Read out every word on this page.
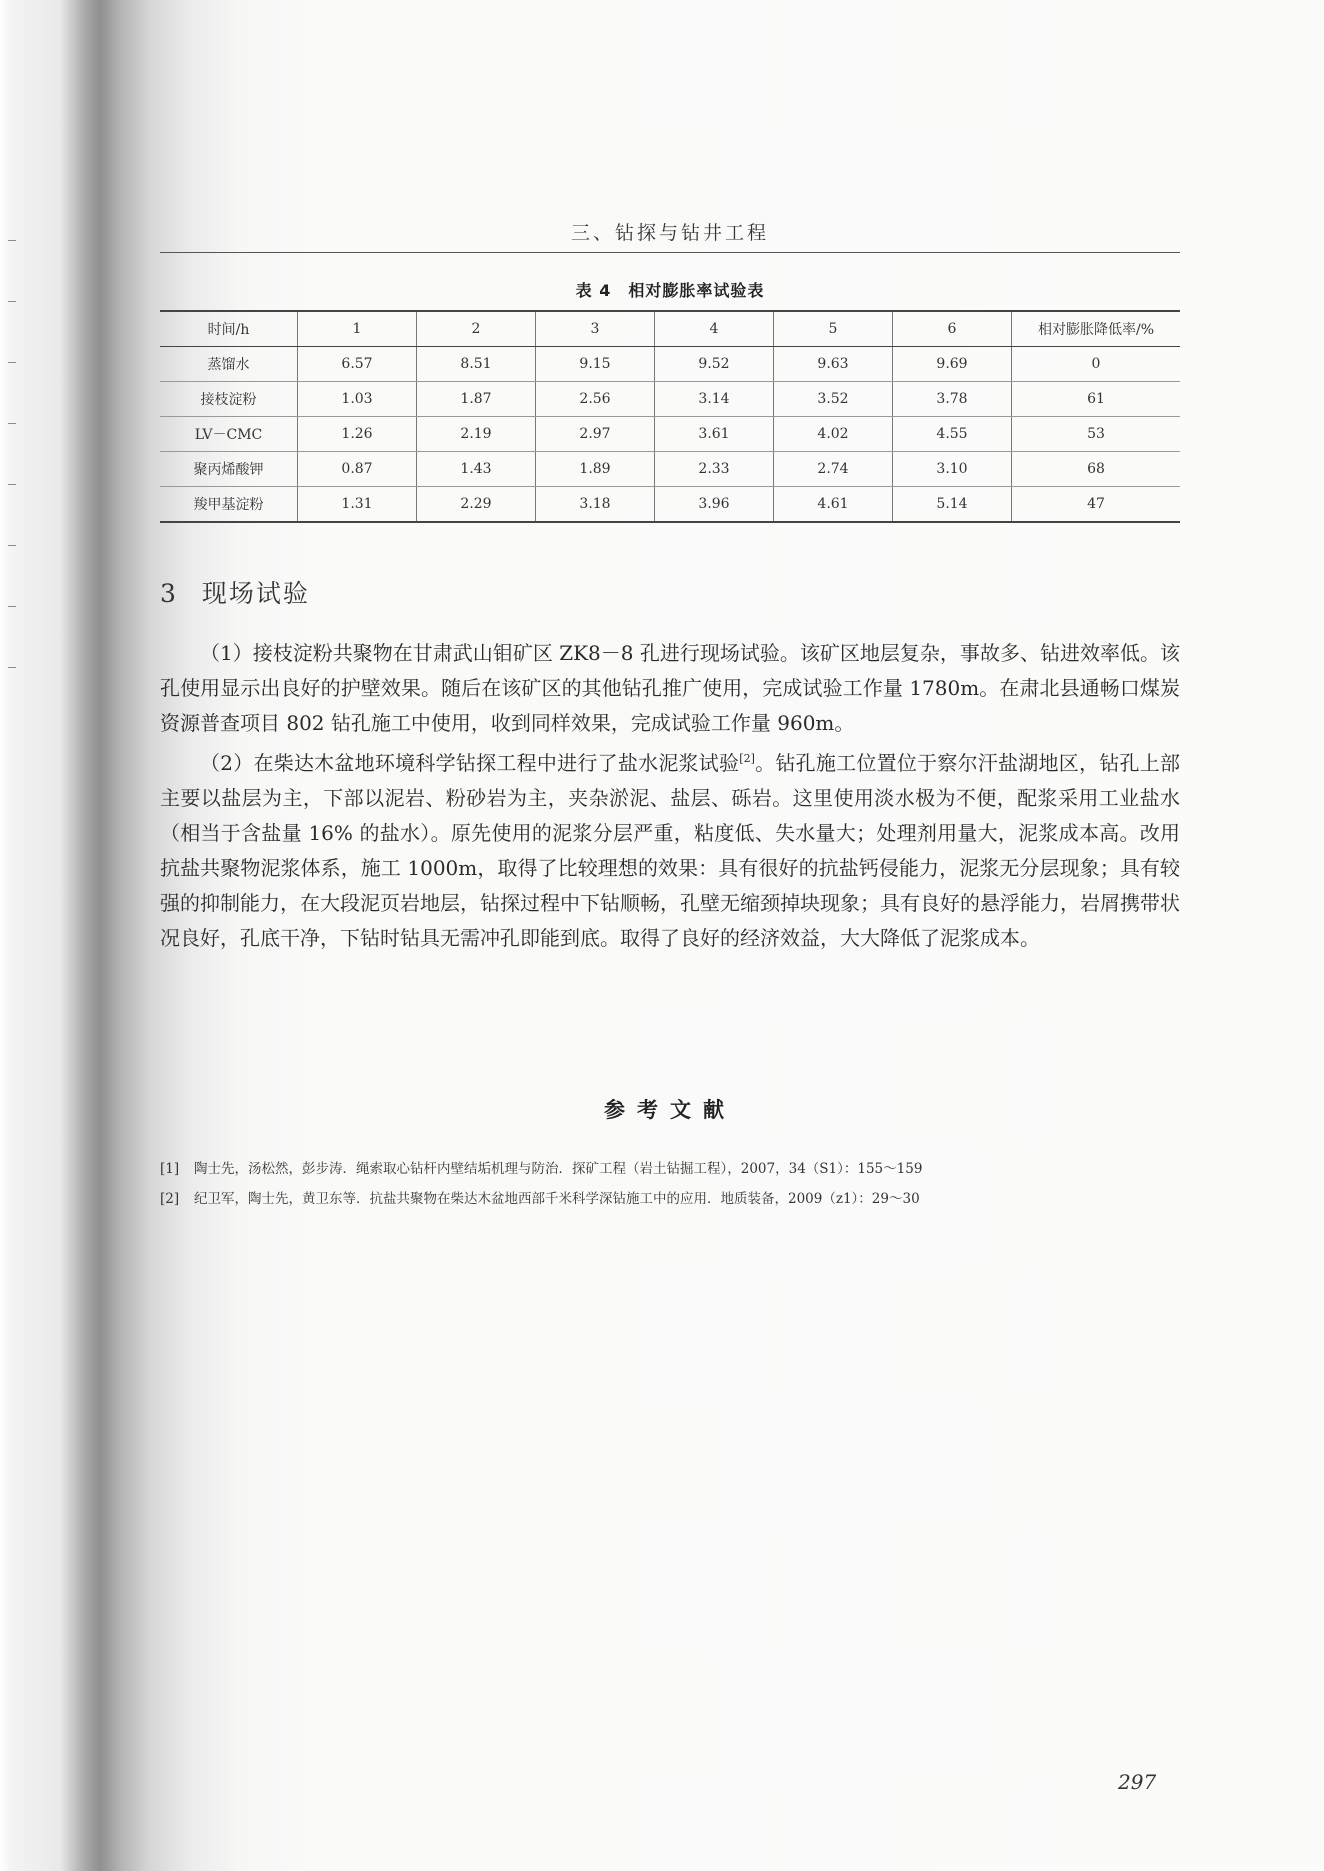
三、钻探与钻井工程
表 4　相对膨胀率试验表
时间/h	1	2	3	4	5	6	相对膨胀降低率/%
蒸馏水	6.57	8.51	9.15	9.52	9.63	9.69	0
接枝淀粉	1.03	1.87	2.56	3.14	3.52	3.78	61
LV－CMC	1.26	2.19	2.97	3.61	4.02	4.55	53
聚丙烯酸钾	0.87	1.43	1.89	2.33	2.74	3.10	68
羧甲基淀粉	1.31	2.29	3.18	3.96	4.61	5.14	47
3 现场试验

（1）接枝淀粉共聚物在甘肃武山钼矿区 ZK8－8 孔进行现场试验。该矿区地层复杂，事故多、钻进效率低。该孔使用显示出良好的护壁效果。随后在该矿区的其他钻孔推广使用，完成试验工作量 1780m。在肃北县通畅口煤炭资源普查项目 802 钻孔施工中使用，收到同样效果，完成试验工作量 960m。

（2）在柴达木盆地环境科学钻探工程中进行了盐水泥浆试验[2]。钻孔施工位置位于察尔汗盐湖地区，钻孔上部主要以盐层为主，下部以泥岩、粉砂岩为主，夹杂淤泥、盐层、砾岩。这里使用淡水极为不便，配浆采用工业盐水（相当于含盐量 16% 的盐水）。原先使用的泥浆分层严重，粘度低、失水量大；处理剂用量大，泥浆成本高。改用抗盐共聚物泥浆体系，施工 1000m，取得了比较理想的效果：具有很好的抗盐钙侵能力，泥浆无分层现象；具有较强的抑制能力，在大段泥页岩地层，钻探过程中下钻顺畅，孔壁无缩颈掉块现象；具有良好的悬浮能力，岩屑携带状况良好，孔底干净，下钻时钻具无需冲孔即能到底。取得了良好的经济效益，大大降低了泥浆成本。

参考文献
[1]	陶士先，汤松然，彭步涛．绳索取心钻杆内壁结垢机理与防治．探矿工程（岩土钻掘工程），2007，34（S1）：155～159
[2]	纪卫军，陶士先，黄卫东等．抗盐共聚物在柴达木盆地西部千米科学深钻施工中的应用．地质装备，2009（z1）：29～30
297
